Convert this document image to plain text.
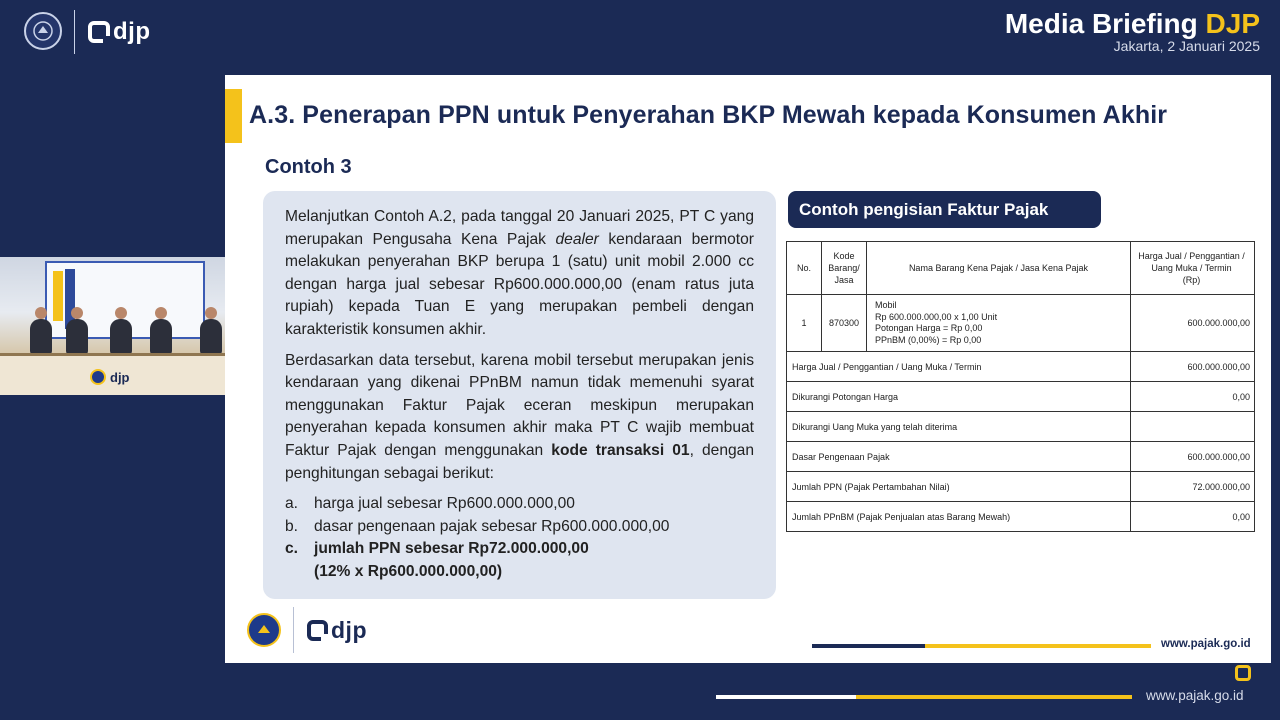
djp	Media Briefing DJP
Jakarta, 2 Januari 2025
djp
A.3. Penerapan PPN untuk Penyerahan BKP Mewah kepada Konsumen Akhir
Contoh 3

Melanjutkan Contoh A.2, pada tanggal 20 Januari 2025, PT C yang merupakan Pengusaha Kena Pajak dealer kendaraan bermotor melakukan penyerahan BKP berupa 1 (satu) unit mobil 2.000 cc dengan harga jual sebesar Rp600.000.000,00 (enam ratus juta rupiah) kepada Tuan E yang merupakan pembeli dengan karakteristik konsumen akhir.

Berdasarkan data tersebut, karena mobil tersebut merupakan jenis kendaraan yang dikenai PPnBM namun tidak memenuhi syarat menggunakan Faktur Pajak eceran meskipun merupakan penyerahan kepada konsumen akhir maka PT C wajib membuat Faktur Pajak dengan menggunakan kode transaksi 01, dengan penghitungan sebagai berikut:

a.	harga jual sebesar Rp600.000.000,00
b.	dasar pengenaan pajak sebesar Rp600.000.000,00
c.	jumlah PPN sebesar Rp72.000.000,00
(12% x Rp600.000.000,00)
Contoh pengisian Faktur Pajak
No.	Kode
Barang/
Jasa	Nama Barang Kena Pajak / Jasa Kena Pajak	Harga Jual / Penggantian /
Uang Muka / Termin
(Rp)
1	870300	Mobil
Rp 600.000.000,00 x 1,00 Unit
Potongan Harga = Rp 0,00
PPnBM (0,00%) = Rp 0,00	600.000.000,00
Harga Jual / Penggantian / Uang Muka / Termin			600.000.000,00
Dikurangi Potongan Harga			0,00
Dikurangi Uang Muka yang telah diterima			
Dasar Pengenaan Pajak			600.000.000,00
Jumlah PPN (Pajak Pertambahan Nilai)			72.000.000,00
Jumlah PPnBM (Pajak Penjualan atas Barang Mewah)			0,00
djp
www.pajak.go.id
www.pajak.go.id
